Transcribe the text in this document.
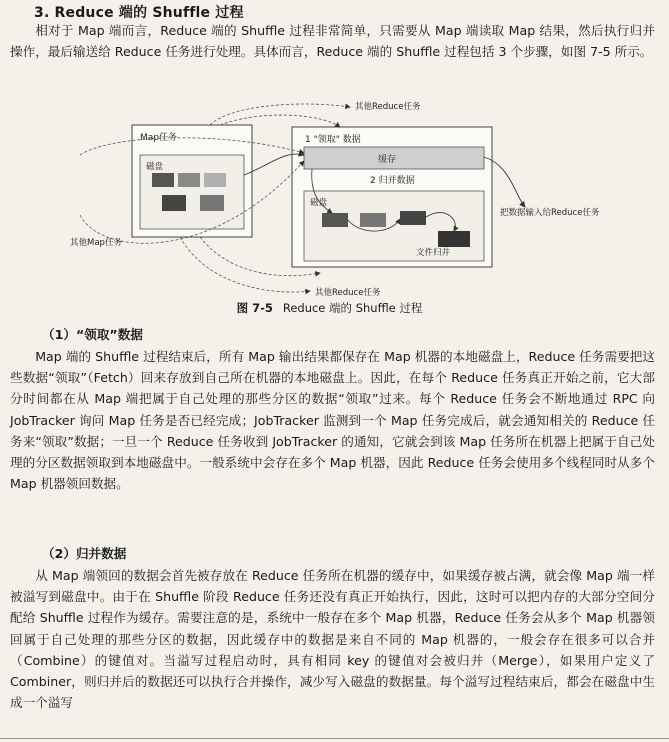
3. Reduce 端的 Shuffle 过程

相对于 Map 端而言，Reduce 端的 Shuffle 过程非常简单，只需要从 Map 端读取 Map 结果，然后执行归并操作，最后输送给 Reduce 任务进行处理。具体而言，Reduce 端的 Shuffle 过程包括 3 个步骤，如图 7-5 所示。

Map任务
磁盘
1 "领取" 数据
缓存
2 归并数据
磁盘
文件归并
把数据输入给Reduce任务
其他Reduce任务
其他Map任务
其他Reduce任务
图 7-5 Reduce 端的 Shuffle 过程
（1）“领取”数据

Map 端的 Shuffle 过程结束后，所有 Map 输出结果都保存在 Map 机器的本地磁盘上，Reduce 任务需要把这些数据“领取”（Fetch）回来存放到自己所在机器的本地磁盘上。因此，在每个 Reduce 任务真正开始之前，它大部分时间都在从 Map 端把属于自己处理的那些分区的数据“领取”过来。每个 Reduce 任务会不断地通过 RPC 向 JobTracker 询问 Map 任务是否已经完成；JobTracker 监测到一个 Map 任务完成后，就会通知相关的 Reduce 任务来“领取”数据；一旦一个 Reduce 任务收到 JobTracker 的通知，它就会到该 Map 任务所在机器上把属于自己处理的分区数据领取到本地磁盘中。一般系统中会存在多个 Map 机器，因此 Reduce 任务会使用多个线程同时从多个 Map 机器领回数据。

（2）归并数据

从 Map 端领回的数据会首先被存放在 Reduce 任务所在机器的缓存中，如果缓存被占满，就会像 Map 端一样被溢写到磁盘中。由于在 Shuffle 阶段 Reduce 任务还没有真正开始执行，因此，这时可以把内存的大部分空间分配给 Shuffle 过程作为缓存。需要注意的是，系统中一般存在多个 Map 机器，Reduce 任务会从多个 Map 机器领回属于自己处理的那些分区的数据，因此缓存中的数据是来自不同的 Map 机器的，一般会存在很多可以合并（Combine）的键值对。当溢写过程启动时，具有相同 key 的键值对会被归并（Merge），如果用户定义了 Combiner，则归并后的数据还可以执行合并操作，减少写入磁盘的数据量。每个溢写过程结束后，都会在磁盘中生成一个溢写
